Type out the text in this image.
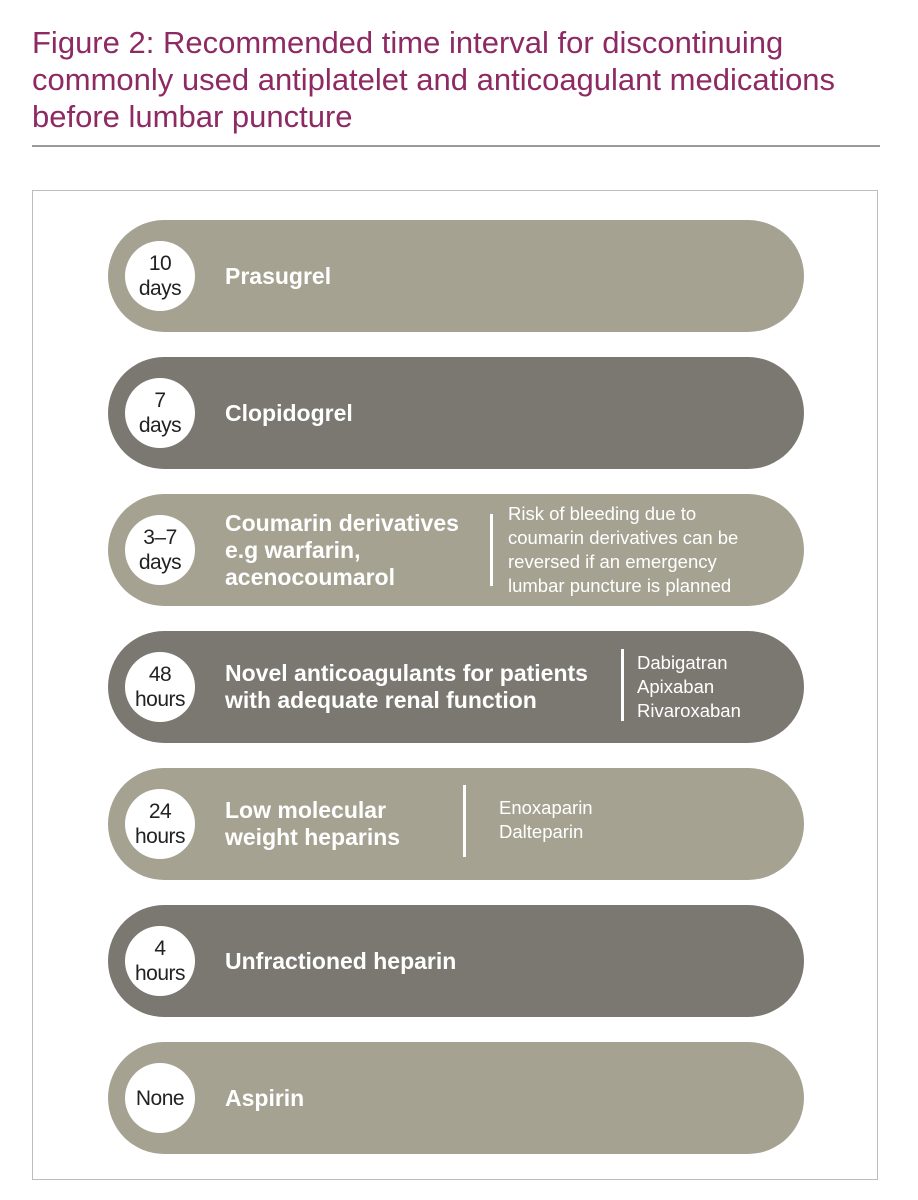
Figure 2: Recommended time interval for discontinuing commonly used antiplatelet and anticoagulant medications before lumbar puncture
10
days Prasugrel
7
days Clopidogrel
3–7
days
Coumarin derivatives
e.g warfarin,
acenocoumarol
Risk of bleeding due to
coumarin derivatives can be
reversed if an emergency
lumbar puncture is planned
48
hours
Novel anticoagulants for patients
with adequate renal function
Dabigatran
Apixaban
Rivaroxaban
24
hours
Low molecular
weight heparins
Enoxaparin
Dalteparin
4
hours Unfractioned heparin
None Aspirin
